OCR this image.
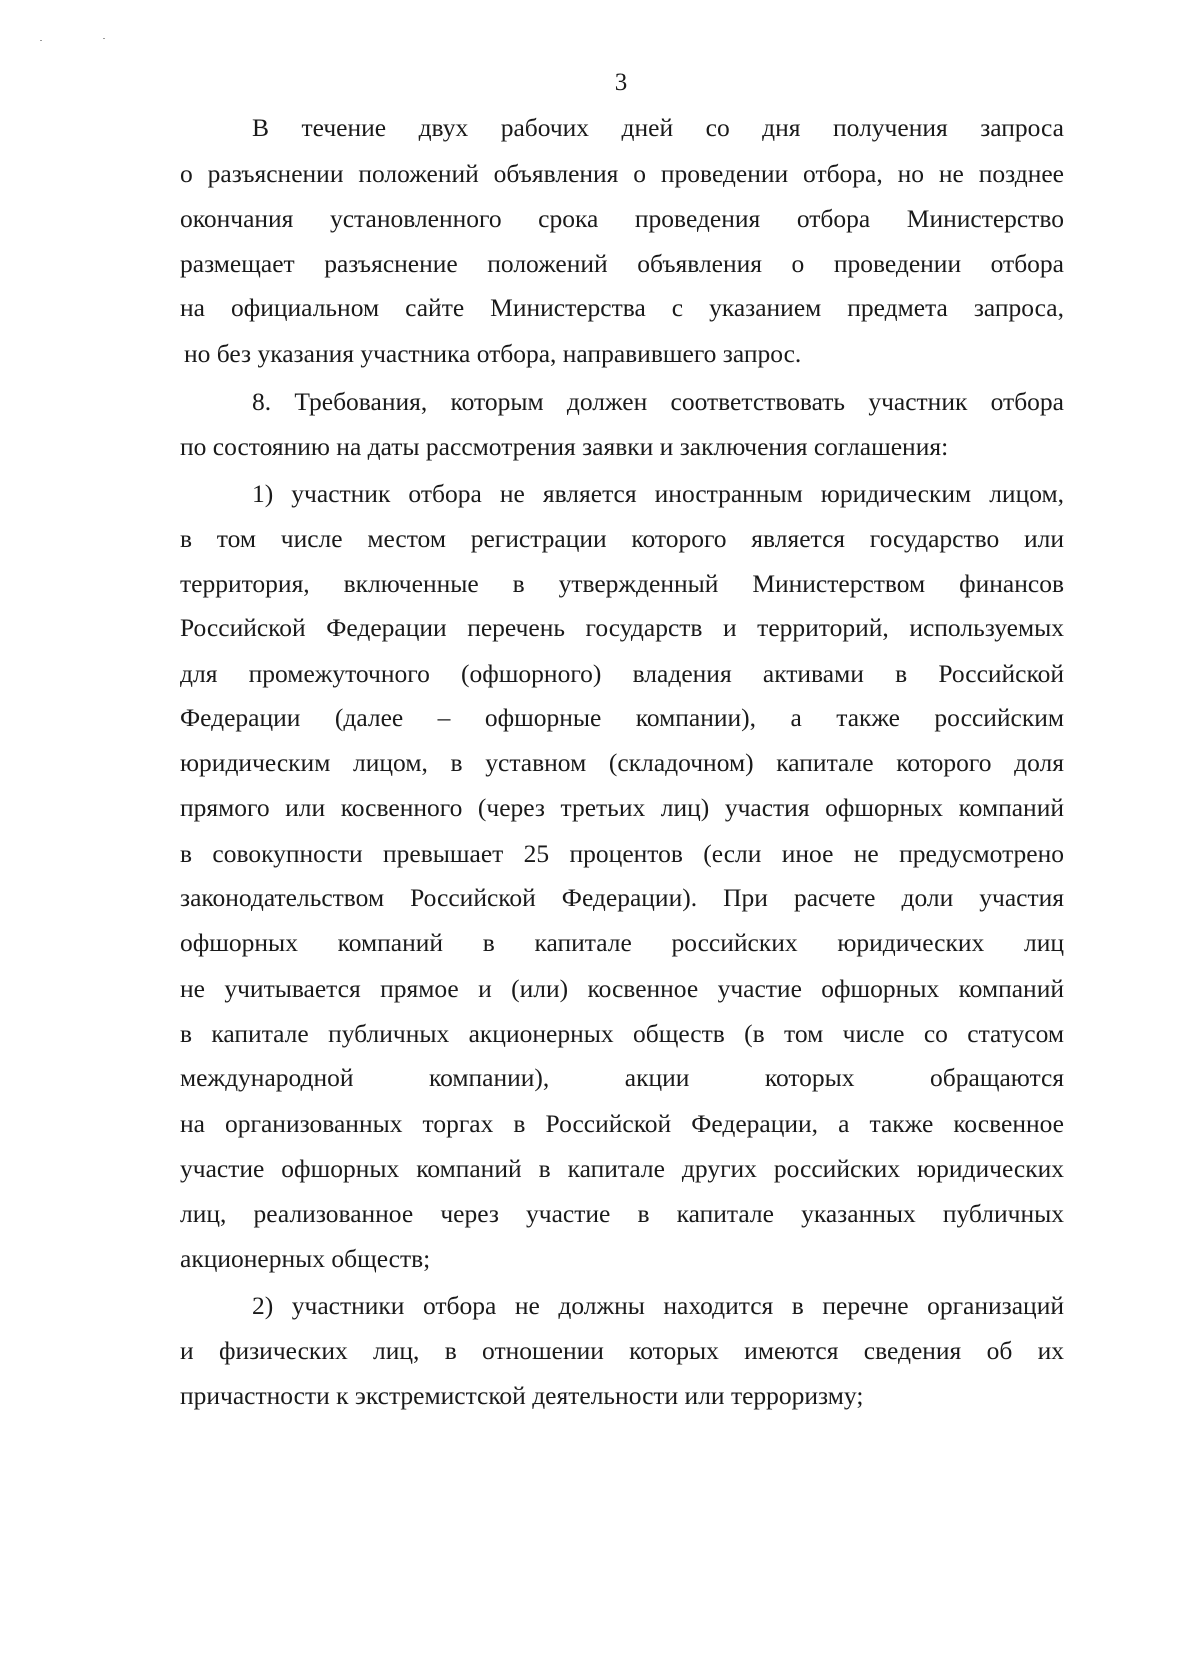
3
В течение двух рабочих дней со дня получения запроса
о разъяснении положений объявления о проведении отбора, но не позднее
окончания установленного срока проведения отбора Министерство
размещает разъяснение положений объявления о проведении отбора
на официальном сайте Министерства с указанием предмета запроса,
но без указания участника отбора, направившего запрос.
8. Требования, которым должен соответствовать участник отбора
по состоянию на даты рассмотрения заявки и заключения соглашения:
1) участник отбора не является иностранным юридическим лицом,
в том числе местом регистрации которого является государство или
территория, включенные в утвержденный Министерством финансов
Российской Федерации перечень государств и территорий, используемых
для промежуточного (офшорного) владения активами в Российской
Федерации (далее – офшорные компании), а также российским
юридическим лицом, в уставном (складочном) капитале которого доля
прямого или косвенного (через третьих лиц) участия офшорных компаний
в совокупности превышает 25 процентов (если иное не предусмотрено
законодательством Российской Федерации). При расчете доли участия
офшорных компаний в капитале российских юридических лиц
не учитывается прямое и (или) косвенное участие офшорных компаний
в капитале публичных акционерных обществ (в том числе со статусом
международной компании), акции которых обращаются
на организованных торгах в Российской Федерации, а также косвенное
участие офшорных компаний в капитале других российских юридических
лиц, реализованное через участие в капитале указанных публичных
акционерных обществ;
2) участники отбора не должны находится в перечне организаций
и физических лиц, в отношении которых имеются сведения об их
причастности к экстремистской деятельности или терроризму;
